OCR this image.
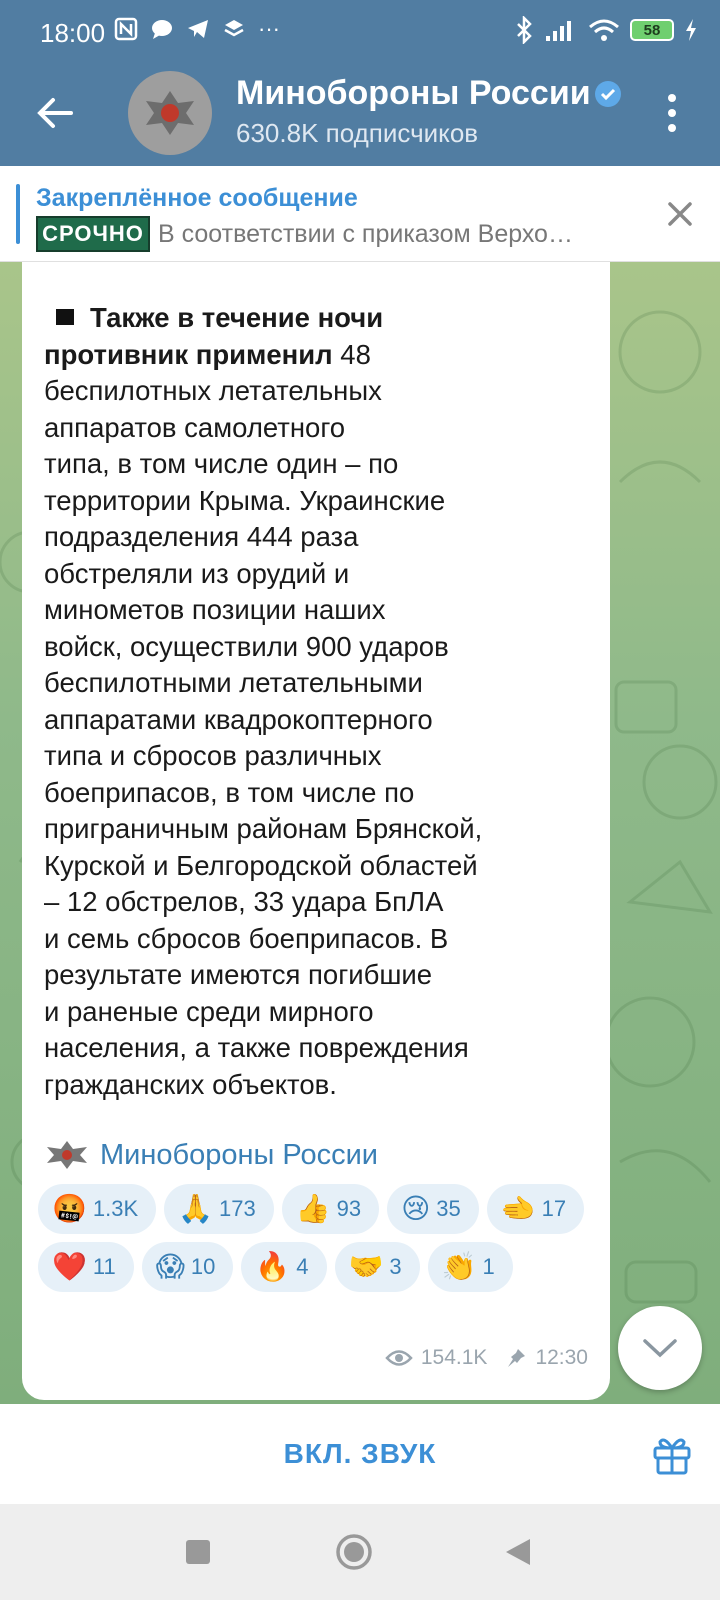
18:00	···	58
Минобороны России
630.8K подписчиков
Также в течение ночи
противник применил 48
беспилотных летательных
аппаратов самолетного
типа, в том числе один – по
территории Крыма. Украинские
подразделения 444 раза
обстреляли из орудий и
минометов позиции наших
войск, осуществили 900 ударов
беспилотными летательными
аппаратами квадрокоптерного
типа и сбросов различных
боеприпасов, в том числе по
приграничным районам Брянской,
Курской и Белгородской областей
– 12 обстрелов, 33 удара БпЛА
и семь сбросов боеприпасов. В
результате имеются погибшие
и раненые среди мирного
населения, а также повреждения
гражданских объектов.
Минобороны России
🤬 1.3K 🙏 173 👍 93 😢 35 🫲 17
❤️ 11 😱 10 🔥 4 🤝 3 👏 1
154.1K 12:30
Закреплённое сообщение
СРОЧНО В соответствии с приказом Верхо…
ВКЛ. ЗВУК
